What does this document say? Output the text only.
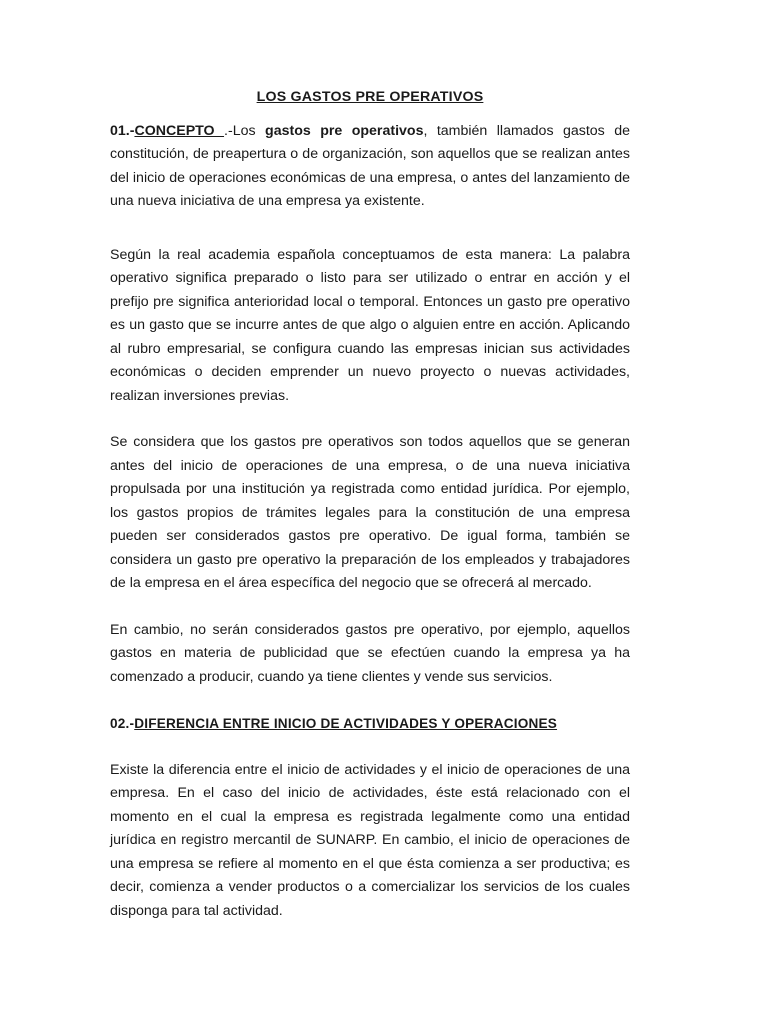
LOS GASTOS PRE OPERATIVOS

01.-CONCEPTO .-Los gastos pre operativos, también llamados gastos de constitución, de preapertura o de organización, son aquellos que se realizan antes del inicio de operaciones económicas de una empresa, o antes del lanzamiento de una nueva iniciativa de una empresa ya existente.

Según la real academia española conceptuamos de esta manera: La palabra operativo significa preparado o listo para ser utilizado o entrar en acción y el prefijo pre significa anterioridad local o temporal. Entonces un gasto pre operativo es un gasto que se incurre antes de que algo o alguien entre en acción. Aplicando al rubro empresarial, se configura cuando las empresas inician sus actividades económicas o deciden emprender un nuevo proyecto o nuevas actividades, realizan inversiones previas.

Se considera que los gastos pre operativos son todos aquellos que se generan antes del inicio de operaciones de una empresa, o de una nueva iniciativa propulsada por una institución ya registrada como entidad jurídica. Por ejemplo, los gastos propios de trámites legales para la constitución de una empresa pueden ser considerados gastos pre operativo. De igual forma, también se considera un gasto pre operativo la preparación de los empleados y trabajadores de la empresa en el área específica del negocio que se ofrecerá al mercado.

En cambio, no serán considerados gastos pre operativo, por ejemplo, aquellos gastos en materia de publicidad que se efectúen cuando la empresa ya ha comenzado a producir, cuando ya tiene clientes y vende sus servicios.

02.-DIFERENCIA ENTRE INICIO DE ACTIVIDADES Y OPERACIONES

Existe la diferencia entre el inicio de actividades y el inicio de operaciones de una empresa. En el caso del inicio de actividades, éste está relacionado con el momento en el cual la empresa es registrada legalmente como una entidad jurídica en registro mercantil de SUNARP. En cambio, el inicio de operaciones de una empresa se refiere al momento en el que ésta comienza a ser productiva; es decir, comienza a vender productos o a comercializar los servicios de los cuales disponga para tal actividad.
